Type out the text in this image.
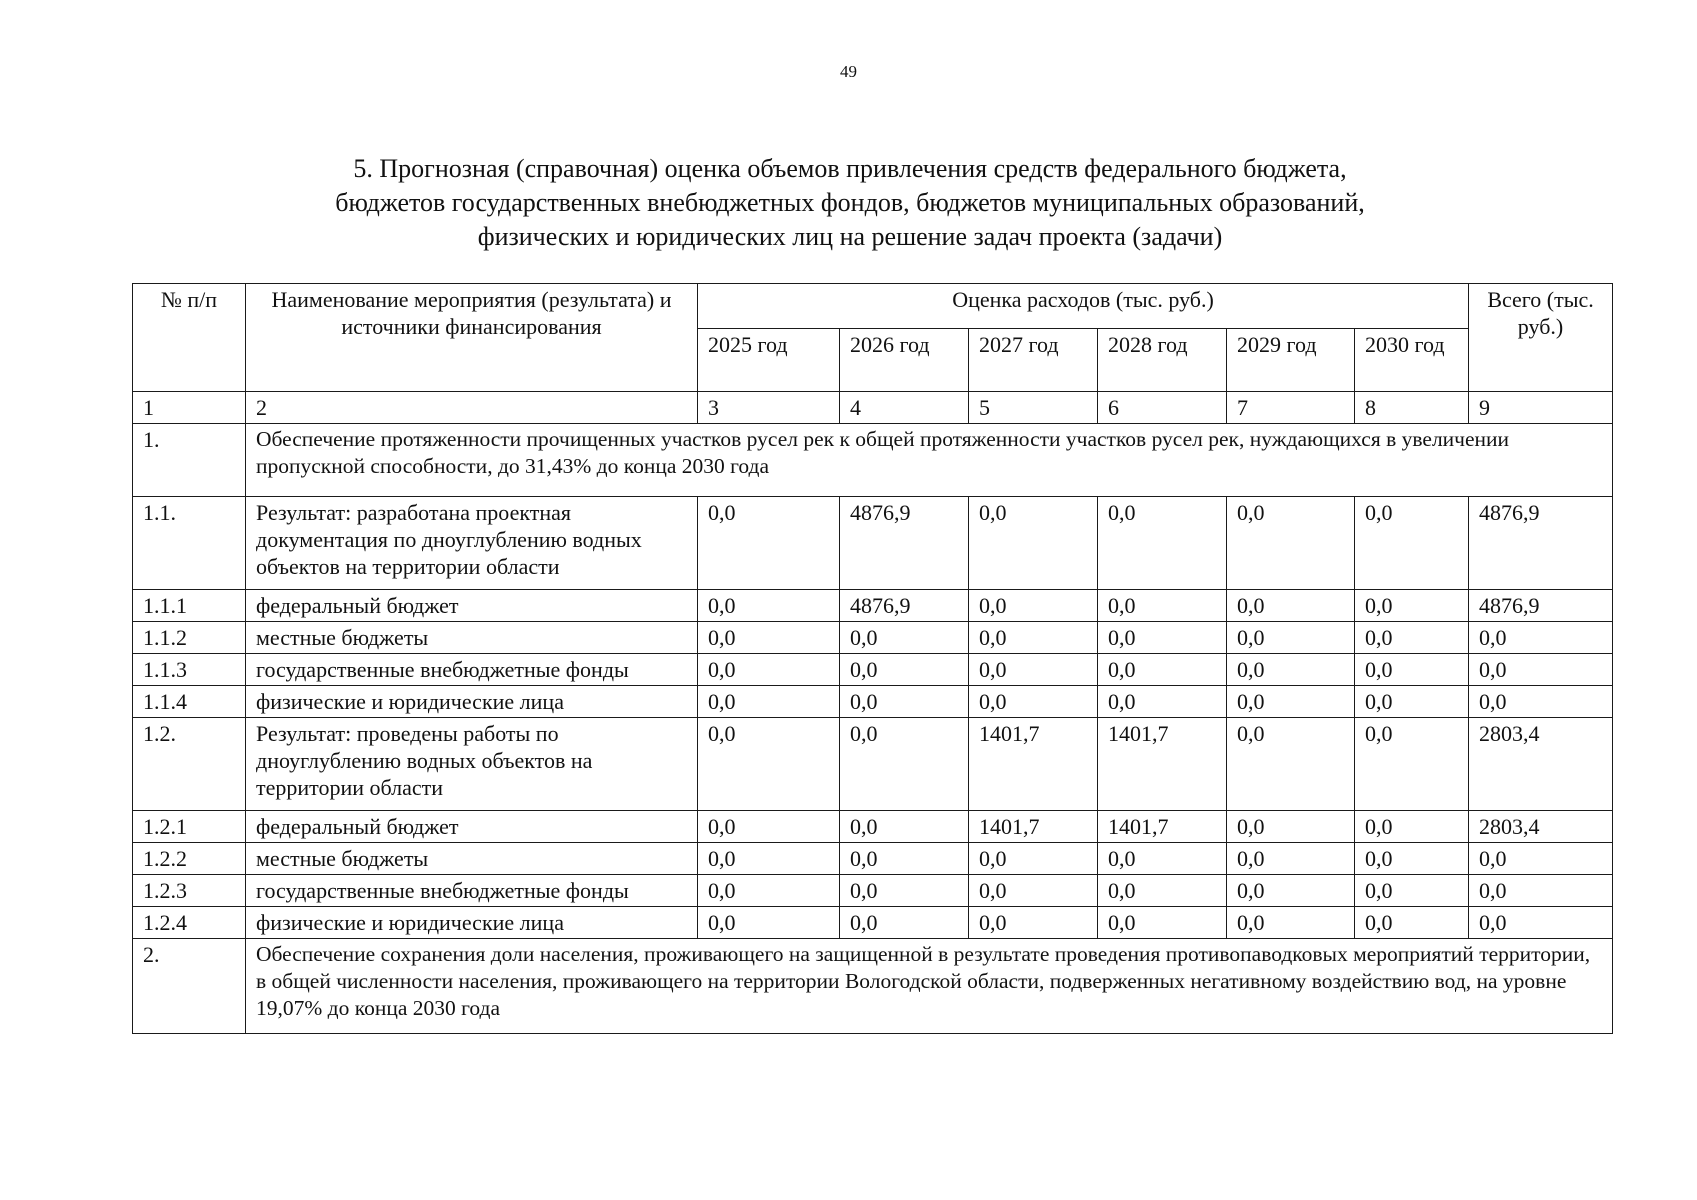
49
5. Прогнозная (справочная) оценка объемов привлечения средств федерального бюджета,
бюджетов государственных внебюджетных фондов, бюджетов муниципальных образований,
физических и юридических лиц на решение задач проекта (задачи)
№ п/п	Наименование мероприятия (результата) и источники финансирования	Оценка расходов (тыс. руб.)						Всего (тыс. руб.)
		2025 год	2026 год	2027 год	2028 год	2029 год	2030 год	
1	2	3	4	5	6	7	8	9
1.	Обеспечение протяженности прочищенных участков русел рек к общей протяженности участков русел рек, нуждающихся в увеличении пропускной способности, до 31,43% до конца 2030 года							
1.1.	Результат: разработана проектная документация по дноуглублению водных объектов на территории области	0,0	4876,9	0,0	0,0	0,0	0,0	4876,9
1.1.1	федеральный бюджет	0,0	4876,9	0,0	0,0	0,0	0,0	4876,9
1.1.2	местные бюджеты	0,0	0,0	0,0	0,0	0,0	0,0	0,0
1.1.3	государственные внебюджетные фонды	0,0	0,0	0,0	0,0	0,0	0,0	0,0
1.1.4	физические и юридические лица	0,0	0,0	0,0	0,0	0,0	0,0	0,0
1.2.	Результат: проведены работы по дноуглублению водных объектов на территории области	0,0	0,0	1401,7	1401,7	0,0	0,0	2803,4
1.2.1	федеральный бюджет	0,0	0,0	1401,7	1401,7	0,0	0,0	2803,4
1.2.2	местные бюджеты	0,0	0,0	0,0	0,0	0,0	0,0	0,0
1.2.3	государственные внебюджетные фонды	0,0	0,0	0,0	0,0	0,0	0,0	0,0
1.2.4	физические и юридические лица	0,0	0,0	0,0	0,0	0,0	0,0	0,0
2.	Обеспечение сохранения доли населения, проживающего на защищенной в результате проведения противопаводковых мероприятий территории, в общей численности населения, проживающего на территории Вологодской области, подверженных негативному воздействию вод, на уровне 19,07% до конца 2030 года							
